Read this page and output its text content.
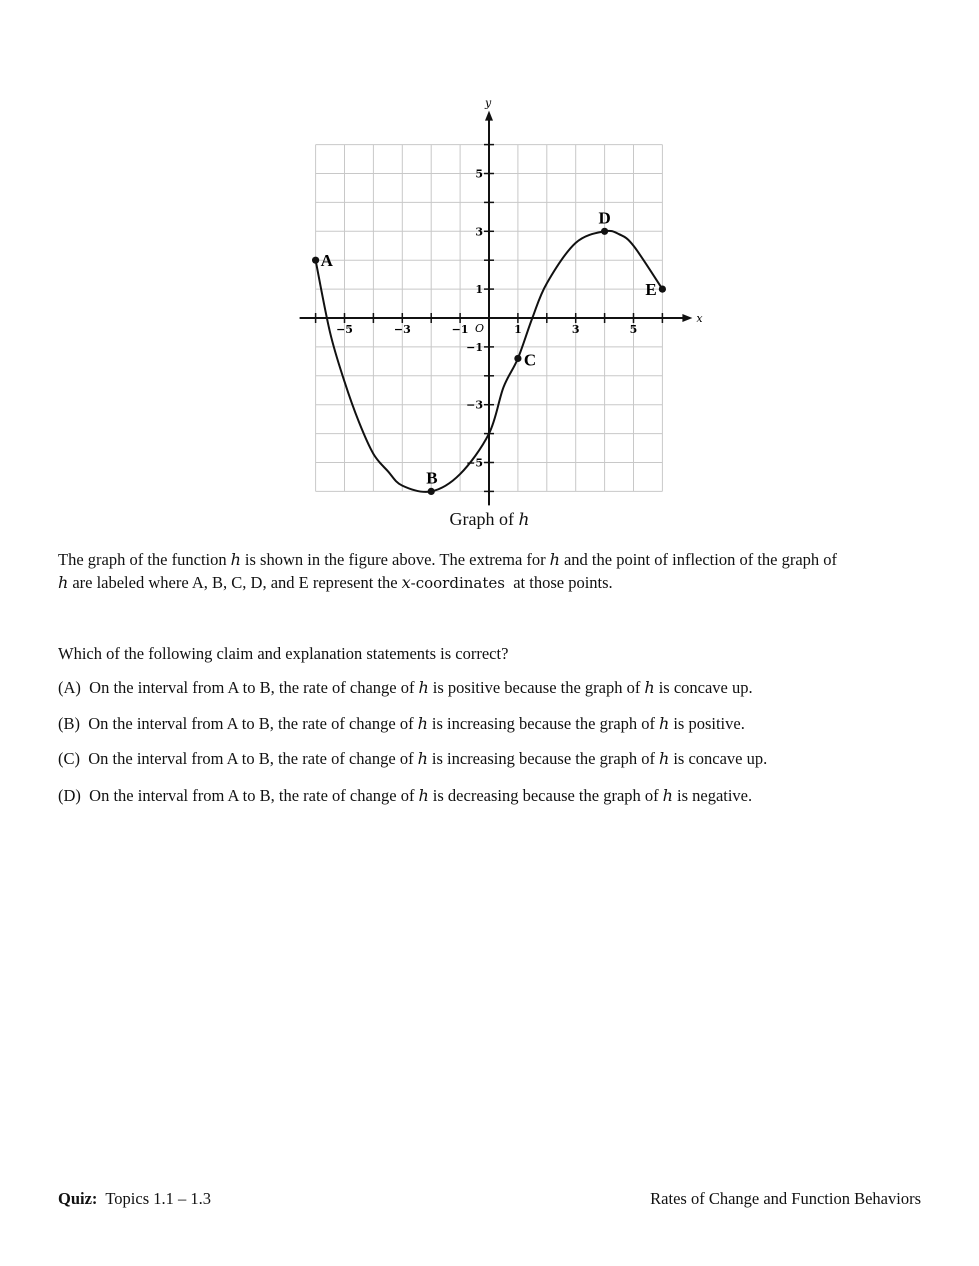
x
y
O
−5	−3	−1	1	3	5
5
3
1
−1
−3
−5
A
B
C
D
E
Graph of h
The graph of the function h is shown in the figure above. The extrema for h and the point of inflection of the graph of
h are labeled where A, B, C, D, and E represent the x-coordinates at those points.
Which of the following claim and explanation statements is correct?
(A) On the interval from A to B, the rate of change of h is positive because the graph of h is concave up.
(B) On the interval from A to B, the rate of change of h is increasing because the graph of h is positive.
(C) On the interval from A to B, the rate of change of h is increasing because the graph of h is concave up.
(D) On the interval from A to B, the rate of change of h is decreasing because the graph of h is negative.
Quiz: Topics 1.1 – 1.3	Rates of Change and Function Behaviors
